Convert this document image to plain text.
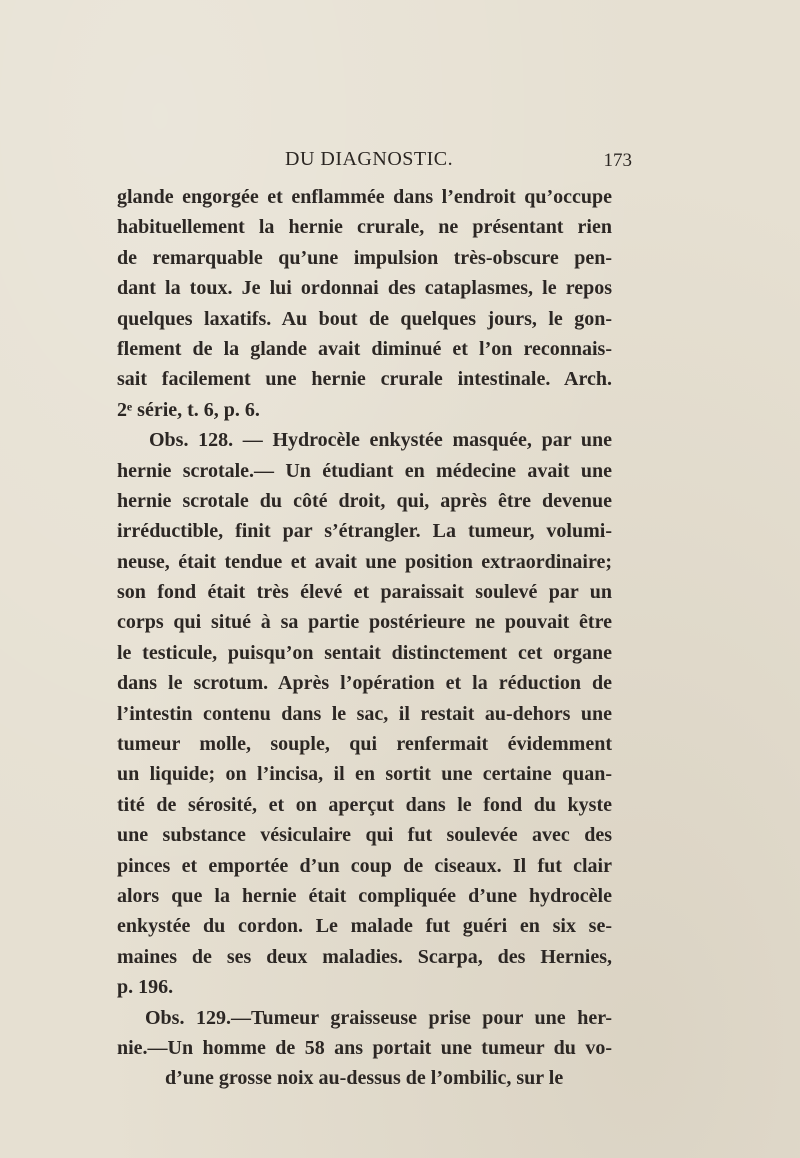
DU DIAGNOSTIC.	173
glande engorgée et enflammée dans l’endroit qu’occupe
habituellement la hernie crurale, ne présentant rien
de remarquable qu’une impulsion très-obscure pen-
dant la toux. Je lui ordonnai des cataplasmes, le repos
quelques laxatifs. Au bout de quelques jours, le gon-
flement de la glande avait diminué et l’on reconnais-
sait facilement une hernie crurale intestinale. Arch.
2ᵉ série, t. 6, p. 6.
Obs. 128. — Hydrocèle enkystée masquée, par une
hernie scrotale.— Un étudiant en médecine avait une
hernie scrotale du côté droit, qui, après être devenue
irréductible, finit par s’étrangler. La tumeur, volumi-
neuse, était tendue et avait une position extraordinaire;
son fond était très élevé et paraissait soulevé par un
corps qui situé à sa partie postérieure ne pouvait être
le testicule, puisqu’on sentait distinctement cet organe
dans le scrotum. Après l’opération et la réduction de
l’intestin contenu dans le sac, il restait au-dehors une
tumeur molle, souple, qui renfermait évidemment
un liquide; on l’incisa, il en sortit une certaine quan-
tité de sérosité, et on aperçut dans le fond du kyste
une substance vésiculaire qui fut soulevée avec des
pinces et emportée d’un coup de ciseaux. Il fut clair
alors que la hernie était compliquée d’une hydrocèle
enkystée du cordon. Le malade fut guéri en six se-
maines de ses deux maladies. Scarpa, des Hernies,
p. 196.
Obs. 129.—Tumeur graisseuse prise pour une her-
nie.—Un homme de 58 ans portait une tumeur du vo-
d’une grosse noix au-dessus de l’ombilic, sur le
